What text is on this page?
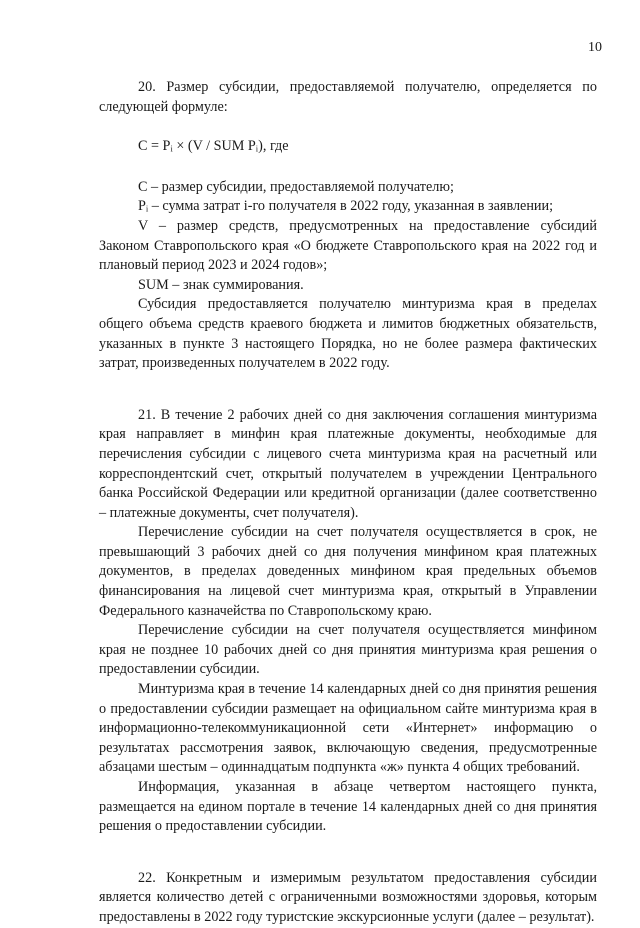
10

20. Размер субсидии, предоставляемой получателю, определяется по следующей формуле:

C = Pᵢ × (V / SUM Pᵢ), где

C – размер субсидии, предоставляемой получателю;

Pᵢ – сумма затрат i-го получателя в 2022 году, указанная в заявлении;

V – размер средств, предусмотренных на предоставление субсидий Законом Ставропольского края «О бюджете Ставропольского края на 2022 год и плановый период 2023 и 2024 годов»;

SUM – знак суммирования.

Субсидия предоставляется получателю минтуризма края в пределах общего объема средств краевого бюджета и лимитов бюджетных обязательств, указанных в пункте 3 настоящего Порядка, но не более размера фактических затрат, произведенных получателем в 2022 году.

21. В течение 2 рабочих дней со дня заключения соглашения минтуризма края направляет в минфин края платежные документы, необходимые для перечисления субсидии с лицевого счета минтуризма края на расчетный или корреспондентский счет, открытый получателем в учреждении Центрального банка Российской Федерации или кредитной организации (далее соответственно – платежные документы, счет получателя).

Перечисление субсидии на счет получателя осуществляется в срок, не превышающий 3 рабочих дней со дня получения минфином края платежных документов, в пределах доведенных минфином края предельных объемов финансирования на лицевой счет минтуризма края, открытый в Управлении Федерального казначейства по Ставропольскому краю.

Перечисление субсидии на счет получателя осуществляется минфином края не позднее 10 рабочих дней со дня принятия минтуризма края решения о предоставлении субсидии.

Минтуризма края в течение 14 календарных дней со дня принятия решения о предоставлении субсидии размещает на официальном сайте минтуризма края в информационно-телекоммуникационной сети «Интернет» информацию о результатах рассмотрения заявок, включающую сведения, предусмотренные абзацами шестым – одиннадцатым подпункта «ж» пункта 4 общих требований.

Информация, указанная в абзаце четвертом настоящего пункта, размещается на едином портале в течение 14 календарных дней со дня принятия решения о предоставлении субсидии.

22. Конкретным и измеримым результатом предоставления субсидии является количество детей с ограниченными возможностями здоровья, которым предоставлены в 2022 году туристские экскурсионные услуги (далее – результат).
